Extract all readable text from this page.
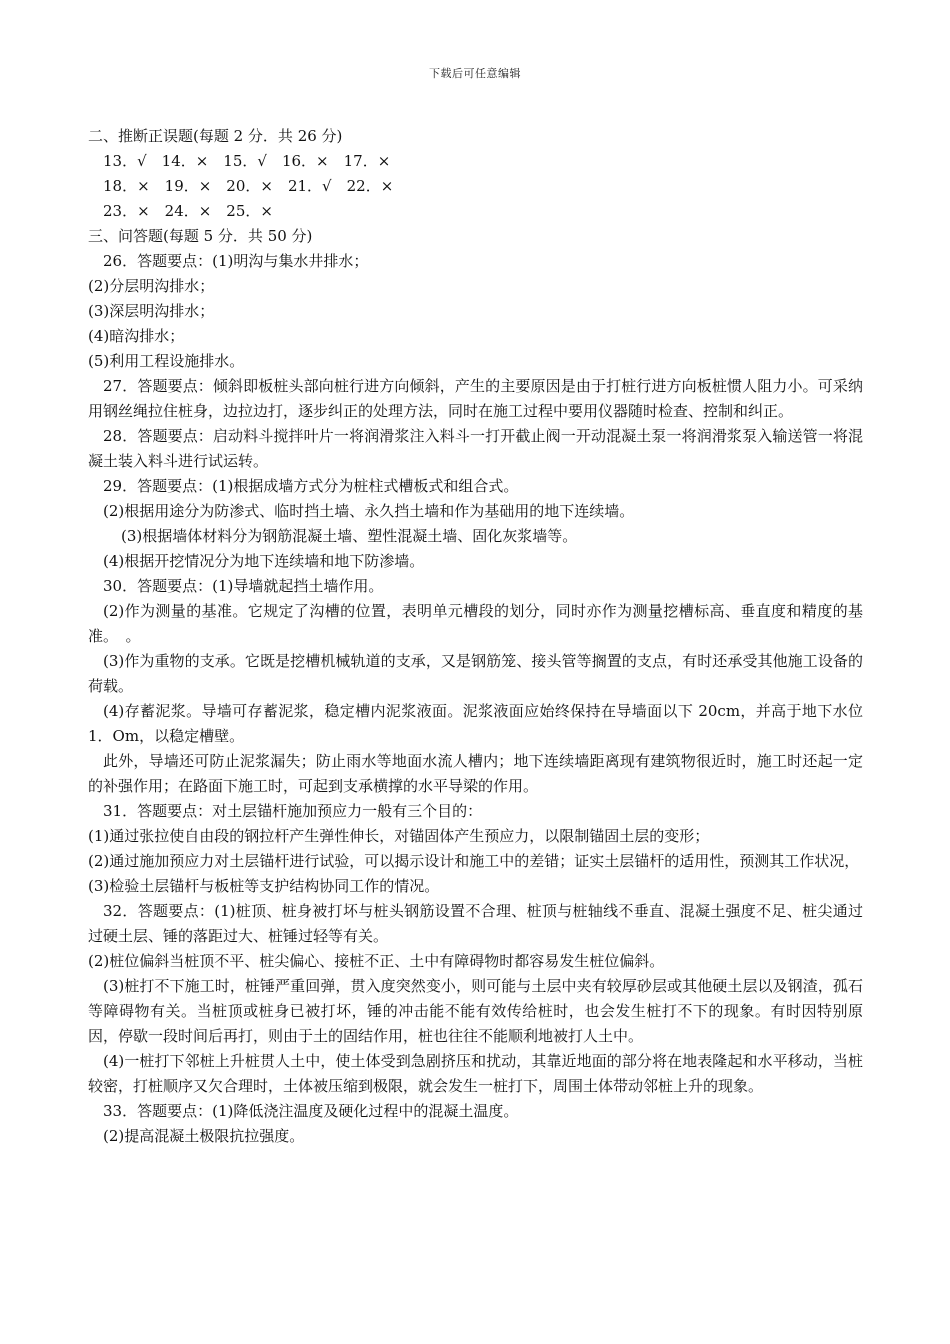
下载后可任意编辑

二、推断正误题(每题 2 分．共 26 分)

13．√　14．×　15．√　16．×　17．×

18．×　19．×　20．×　21．√　22．×

23．×　24．×　25．×

三、问答题(每题 5 分．共 50 分)

26．答题要点：(1)明沟与集水井排水；

(2)分层明沟排水；

(3)深层明沟排水；

(4)暗沟排水；

(5)利用工程设施排水。

27．答题要点：倾斜即板桩头部向桩行进方向倾斜，产生的主要原因是由于打桩行进方向板桩惯人阻力小。可采纳用钢丝绳拉住桩身，边拉边打，逐步纠正的处理方法，同时在施工过程中要用仪器随时检查、控制和纠正。

28．答题要点：启动料斗搅拌叶片一将润滑浆注入料斗一打开截止阀一开动混凝土泵一将润滑浆泵入输送管一将混凝土装入料斗进行试运转。

29．答题要点：(1)根据成墙方式分为桩柱式槽板式和组合式。

(2)根据用途分为防渗式、临时挡土墙、永久挡土墙和作为基础用的地下连续墙。

(3)根据墙体材料分为钢筋混凝土墙、塑性混凝土墙、固化灰浆墙等。

(4)根据开挖情况分为地下连续墙和地下防渗墙。

30．答题要点：(1)导墙就起挡土墙作用。

(2)作为测量的基准。它规定了沟槽的位置，表明单元槽段的划分，同时亦作为测量挖槽标高、垂直度和精度的基准。　。

(3)作为重物的支承。它既是挖槽机械轨道的支承，又是钢筋笼、接头管等搁置的支点，有时还承受其他施工设备的荷载。

(4)存蓄泥浆。导墙可存蓄泥浆，稳定槽内泥浆液面。泥浆液面应始终保持在导墙面以下 20cm，并高于地下水位 1．Om，以稳定槽壁。

此外，导墙还可防止泥浆漏失；防止雨水等地面水流人槽内；地下连续墙距离现有建筑物很近时，施工时还起一定的补强作用；在路面下施工时，可起到支承横撑的水平导梁的作用。

31．答题要点：对土层锚杆施加预应力一般有三个目的：

(1)通过张拉使自由段的钢拉杆产生弹性伸长，对锚固体产生预应力，以限制锚固土层的变形；

(2)通过施加预应力对土层锚杆进行试验，可以揭示设计和施工中的差错；证实土层锚杆的适用性，预测其工作状况，

(3)检验土层锚杆与板桩等支护结构协同工作的情况。

32．答题要点：(1)桩顶、桩身被打坏与桩头钢筋设置不合理、桩顶与桩轴线不垂直、混凝土强度不足、桩尖通过过硬土层、锤的落距过大、桩锤过轻等有关。

(2)桩位偏斜当桩顶不平、桩尖偏心、接桩不正、土中有障碍物时都容易发生桩位偏斜。

(3)桩打不下施工时，桩锤严重回弹，贯入度突然变小，则可能与土层中夹有较厚砂层或其他硬土层以及钢渣，孤石等障碍物有关。当桩顶或桩身已被打坏，锤的冲击能不能有效传给桩时，也会发生桩打不下的现象。有时因特别原因，停歇一段时间后再打，则由于土的固结作用，桩也往往不能顺利地被打人土中。

(4)一桩打下邻桩上升桩贯人土中，使土体受到急剧挤压和扰动，其靠近地面的部分将在地表隆起和水平移动，当桩较密，打桩顺序又欠合理时，土体被压缩到极限，就会发生一桩打下，周围土体带动邻桩上升的现象。

33．答题要点：(1)降低浇注温度及硬化过程中的混凝土温度。

(2)提高混凝土极限抗拉强度。
